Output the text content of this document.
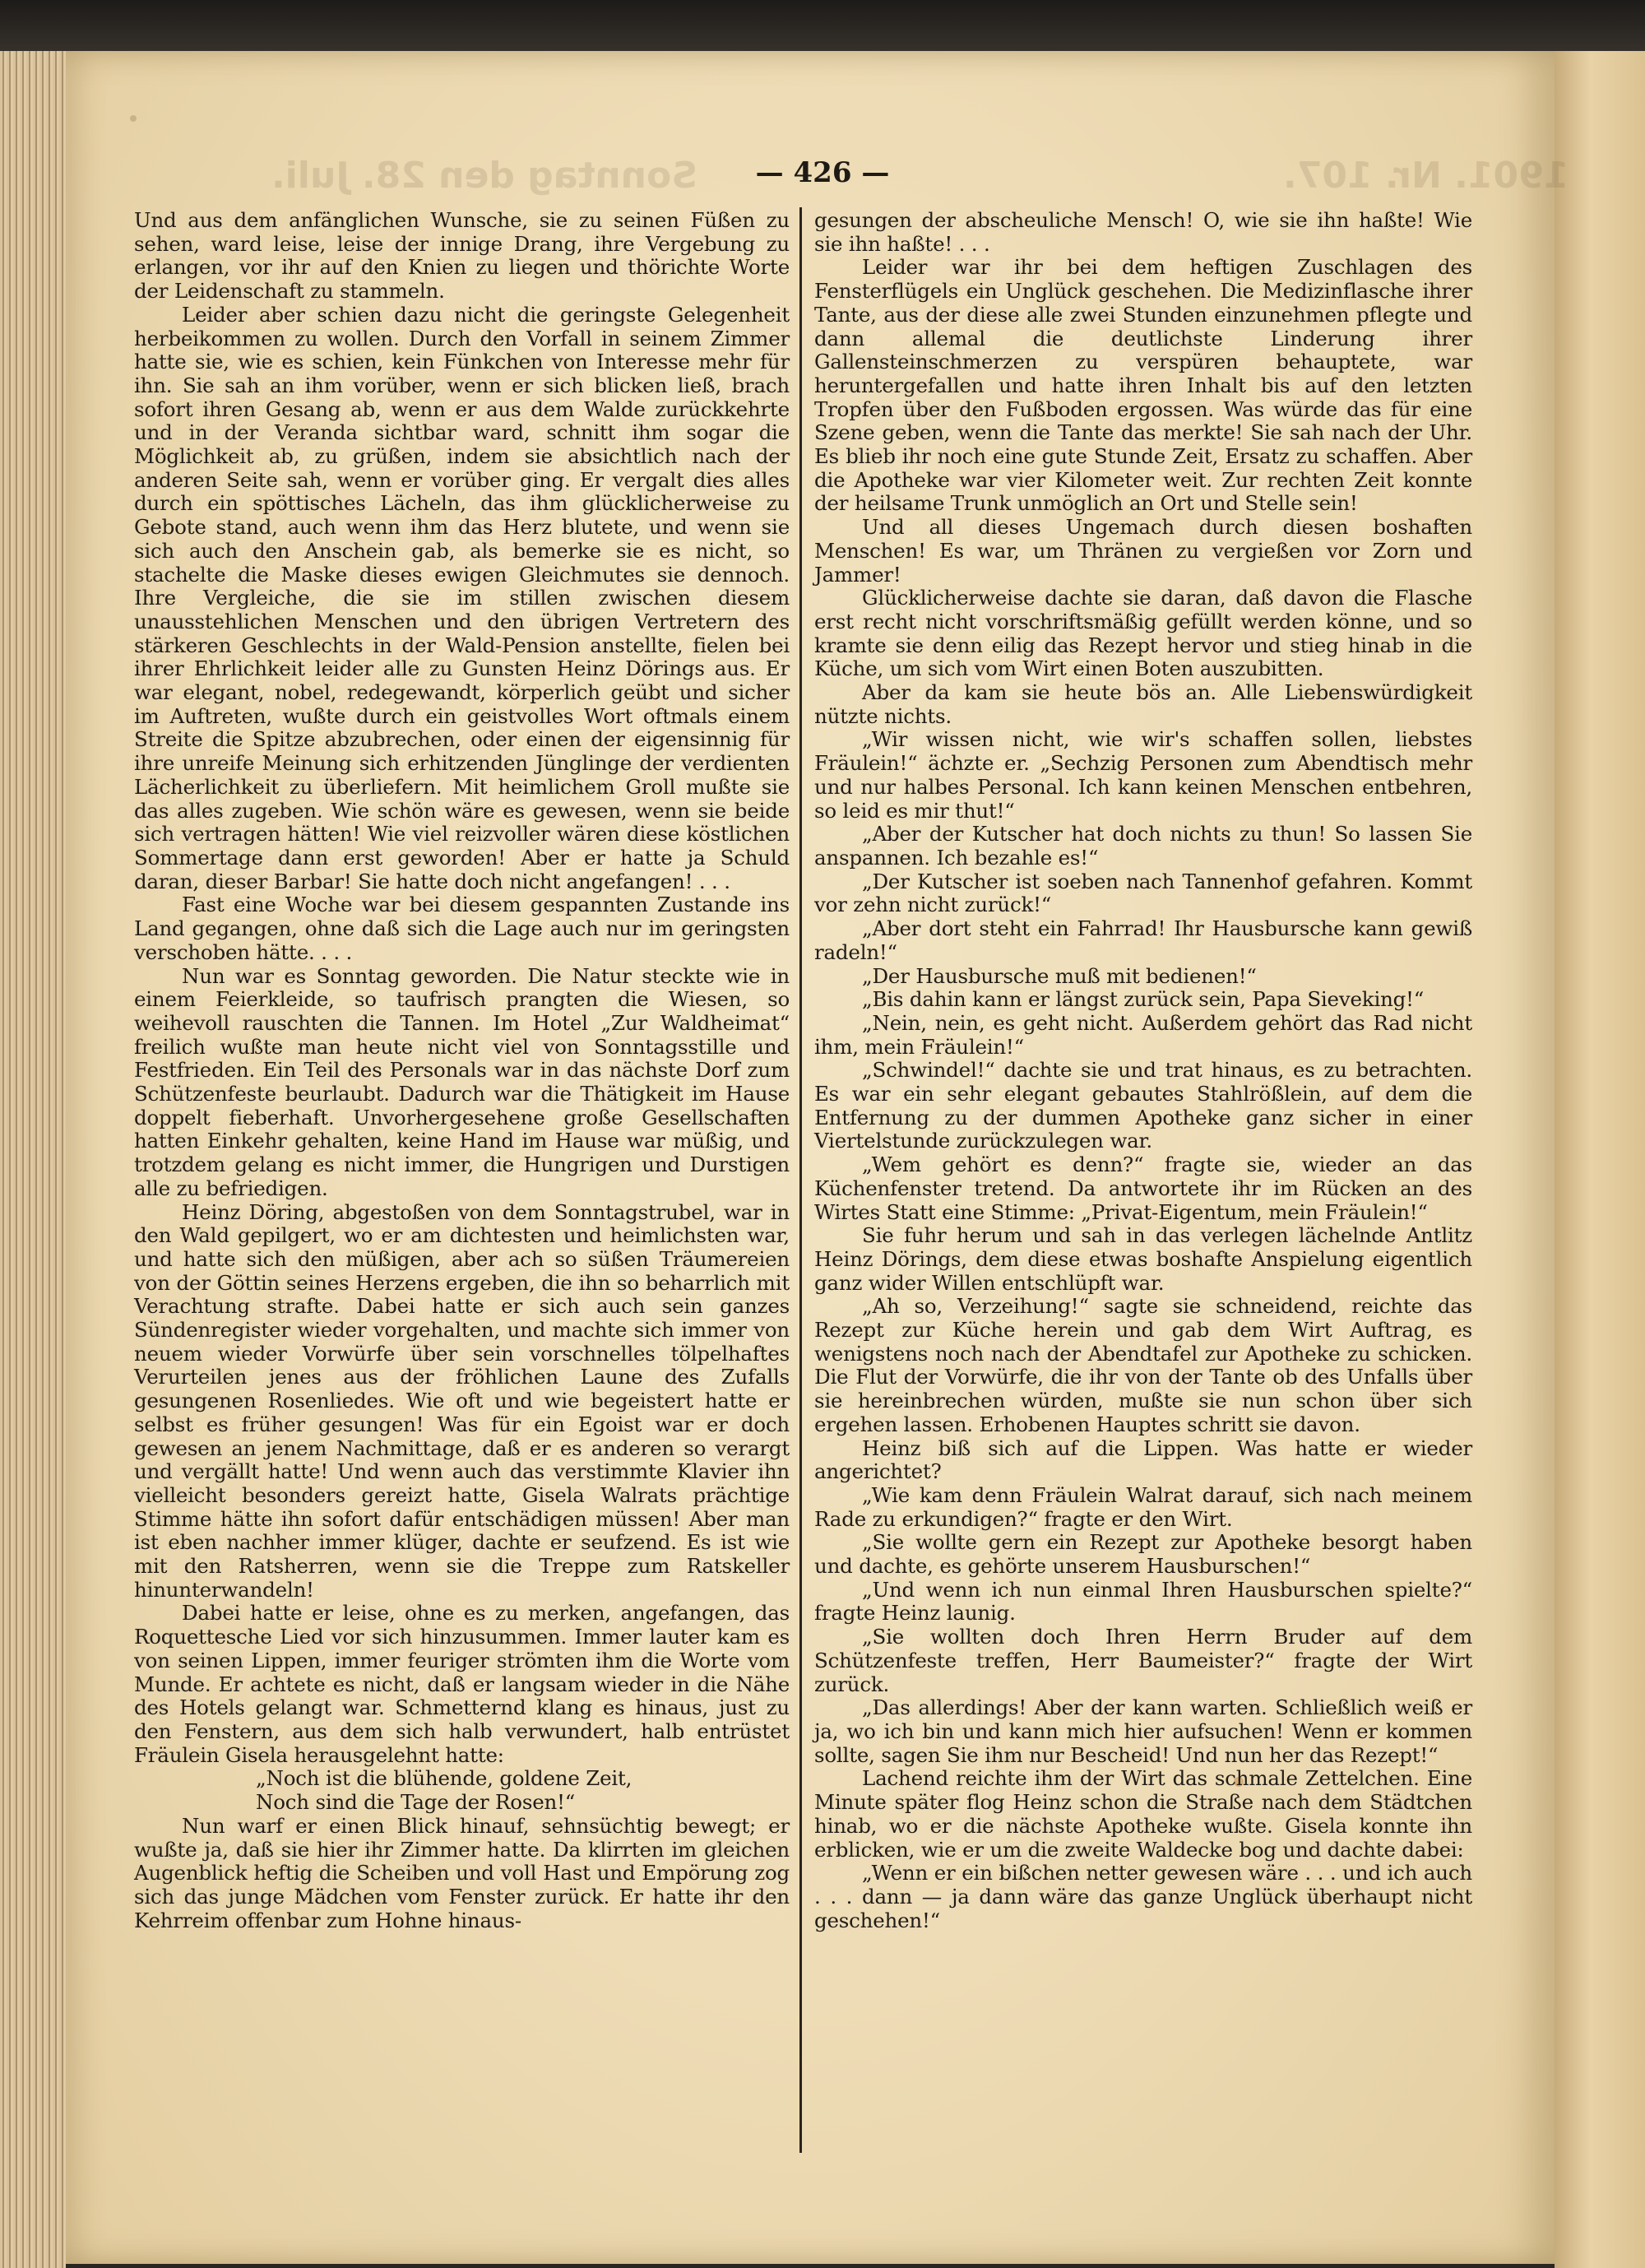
Sonntag den 28. Juli.	1901. Nr. 107.
— 426 —

Und aus dem anfänglichen Wunsche, sie zu seinen Füßen zu sehen, ward leise, leise der innige Drang, ihre Vergebung zu erlangen, vor ihr auf den Knien zu liegen und thörichte Worte der Leidenschaft zu stammeln.

Leider aber schien dazu nicht die geringste Gelegenheit herbeikommen zu wollen. Durch den Vorfall in seinem Zimmer hatte sie, wie es schien, kein Fünkchen von Interesse mehr für ihn. Sie sah an ihm vorüber, wenn er sich blicken ließ, brach sofort ihren Gesang ab, wenn er aus dem Walde zurückkehrte und in der Veranda sichtbar ward, schnitt ihm sogar die Möglichkeit ab, zu grüßen, indem sie absichtlich nach der anderen Seite sah, wenn er vorüber ging. Er vergalt dies alles durch ein spöttisches Lächeln, das ihm glücklicherweise zu Gebote stand, auch wenn ihm das Herz blutete, und wenn sie sich auch den Anschein gab, als bemerke sie es nicht, so stachelte die Maske dieses ewigen Gleichmutes sie dennoch. Ihre Vergleiche, die sie im stillen zwischen diesem unausstehlichen Menschen und den übrigen Vertretern des stärkeren Geschlechts in der Wald-Pension anstellte, fielen bei ihrer Ehrlichkeit leider alle zu Gunsten Heinz Dörings aus. Er war elegant, nobel, redegewandt, körperlich geübt und sicher im Auftreten, wußte durch ein geistvolles Wort oftmals einem Streite die Spitze abzubrechen, oder einen der eigensinnig für ihre unreife Meinung sich erhitzenden Jünglinge der verdienten Lächerlichkeit zu überliefern. Mit heimlichem Groll mußte sie das alles zugeben. Wie schön wäre es gewesen, wenn sie beide sich vertragen hätten! Wie viel reizvoller wären diese köstlichen Sommertage dann erst geworden! Aber er hatte ja Schuld daran, dieser Barbar! Sie hatte doch nicht angefangen! . . .

Fast eine Woche war bei diesem gespannten Zustande ins Land gegangen, ohne daß sich die Lage auch nur im geringsten verschoben hätte. . . .

Nun war es Sonntag geworden. Die Natur steckte wie in einem Feierkleide, so taufrisch prangten die Wiesen, so weihevoll rauschten die Tannen. Im Hotel „Zur Waldheimat“ freilich wußte man heute nicht viel von Sonntagsstille und Festfrieden. Ein Teil des Personals war in das nächste Dorf zum Schützenfeste beurlaubt. Dadurch war die Thätigkeit im Hause doppelt fieberhaft. Unvorhergesehene große Gesellschaften hatten Einkehr gehalten, keine Hand im Hause war müßig, und trotzdem gelang es nicht immer, die Hungrigen und Durstigen alle zu befriedigen.

Heinz Döring, abgestoßen von dem Sonntagstrubel, war in den Wald gepilgert, wo er am dichtesten und heimlichsten war, und hatte sich den müßigen, aber ach so süßen Träumereien von der Göttin seines Herzens ergeben, die ihn so beharrlich mit Verachtung strafte. Dabei hatte er sich auch sein ganzes Sündenregister wieder vorgehalten, und machte sich immer von neuem wieder Vorwürfe über sein vorschnelles tölpelhaftes Verurteilen jenes aus der fröhlichen Laune des Zufalls gesungenen Rosenliedes. Wie oft und wie begeistert hatte er selbst es früher gesungen! Was für ein Egoist war er doch gewesen an jenem Nachmittage, daß er es anderen so verargt und vergällt hatte! Und wenn auch das verstimmte Klavier ihn vielleicht besonders gereizt hatte, Gisela Walrats prächtige Stimme hätte ihn sofort dafür entschädigen müssen! Aber man ist eben nachher immer klüger, dachte er seufzend. Es ist wie mit den Ratsherren, wenn sie die Treppe zum Ratskeller hinunterwandeln!

Dabei hatte er leise, ohne es zu merken, angefangen, das Roquettesche Lied vor sich hinzusummen. Immer lauter kam es von seinen Lippen, immer feuriger strömten ihm die Worte vom Munde. Er achtete es nicht, daß er langsam wieder in die Nähe des Hotels gelangt war. Schmetternd klang es hinaus, just zu den Fenstern, aus dem sich halb verwundert, halb entrüstet Fräulein Gisela herausgelehnt hatte:

„Noch ist die blühende, goldene Zeit,

Noch sind die Tage der Rosen!“

Nun warf er einen Blick hinauf, sehnsüchtig bewegt; er wußte ja, daß sie hier ihr Zimmer hatte. Da klirrten im gleichen Augenblick heftig die Scheiben und voll Hast und Empörung zog sich das junge Mädchen vom Fenster zurück. Er hatte ihr den Kehrreim offenbar zum Hohne hinaus-

gesungen der abscheuliche Mensch! O, wie sie ihn haßte! Wie sie ihn haßte! . . .

Leider war ihr bei dem heftigen Zuschlagen des Fensterflügels ein Unglück geschehen. Die Medizinflasche ihrer Tante, aus der diese alle zwei Stunden einzunehmen pflegte und dann allemal die deutlichste Linderung ihrer Gallensteinschmerzen zu verspüren behauptete, war heruntergefallen und hatte ihren Inhalt bis auf den letzten Tropfen über den Fußboden ergossen. Was würde das für eine Szene geben, wenn die Tante das merkte! Sie sah nach der Uhr. Es blieb ihr noch eine gute Stunde Zeit, Ersatz zu schaffen. Aber die Apotheke war vier Kilometer weit. Zur rechten Zeit konnte der heilsame Trunk unmöglich an Ort und Stelle sein!

Und all dieses Ungemach durch diesen boshaften Menschen! Es war, um Thränen zu vergießen vor Zorn und Jammer!

Glücklicherweise dachte sie daran, daß davon die Flasche erst recht nicht vorschriftsmäßig gefüllt werden könne, und so kramte sie denn eilig das Rezept hervor und stieg hinab in die Küche, um sich vom Wirt einen Boten auszubitten.

Aber da kam sie heute bös an. Alle Liebenswürdigkeit nützte nichts.

„Wir wissen nicht, wie wir's schaffen sollen, liebstes Fräulein!“ ächzte er. „Sechzig Personen zum Abendtisch mehr und nur halbes Personal. Ich kann keinen Menschen entbehren, so leid es mir thut!“

„Aber der Kutscher hat doch nichts zu thun! So lassen Sie anspannen. Ich bezahle es!“

„Der Kutscher ist soeben nach Tannenhof gefahren. Kommt vor zehn nicht zurück!“

„Aber dort steht ein Fahrrad! Ihr Hausbursche kann gewiß radeln!“

„Der Hausbursche muß mit bedienen!“

„Bis dahin kann er längst zurück sein, Papa Sieveking!“

„Nein, nein, es geht nicht. Außerdem gehört das Rad nicht ihm, mein Fräulein!“

„Schwindel!“ dachte sie und trat hinaus, es zu betrachten. Es war ein sehr elegant gebautes Stahlrößlein, auf dem die Entfernung zu der dummen Apotheke ganz sicher in einer Viertelstunde zurückzulegen war.

„Wem gehört es denn?“ fragte sie, wieder an das Küchenfenster tretend. Da antwortete ihr im Rücken an des Wirtes Statt eine Stimme: „Privat-Eigentum, mein Fräulein!“

Sie fuhr herum und sah in das verlegen lächelnde Antlitz Heinz Dörings, dem diese etwas boshafte Anspielung eigentlich ganz wider Willen entschlüpft war.

„Ah so, Verzeihung!“ sagte sie schneidend, reichte das Rezept zur Küche herein und gab dem Wirt Auftrag, es wenigstens noch nach der Abendtafel zur Apotheke zu schicken. Die Flut der Vorwürfe, die ihr von der Tante ob des Unfalls über sie hereinbrechen würden, mußte sie nun schon über sich ergehen lassen. Erhobenen Hauptes schritt sie davon.

Heinz biß sich auf die Lippen. Was hatte er wieder angerichtet?

„Wie kam denn Fräulein Walrat darauf, sich nach meinem Rade zu erkundigen?“ fragte er den Wirt.

„Sie wollte gern ein Rezept zur Apotheke besorgt haben und dachte, es gehörte unserem Hausburschen!“

„Und wenn ich nun einmal Ihren Hausburschen spielte?“ fragte Heinz launig.

„Sie wollten doch Ihren Herrn Bruder auf dem Schützenfeste treffen, Herr Baumeister?“ fragte der Wirt zurück.

„Das allerdings! Aber der kann warten. Schließlich weiß er ja, wo ich bin und kann mich hier aufsuchen! Wenn er kommen sollte, sagen Sie ihm nur Bescheid! Und nun her das Rezept!“

Lachend reichte ihm der Wirt das schmale Zettelchen. Eine Minute später flog Heinz schon die Straße nach dem Städtchen hinab, wo er die nächste Apotheke wußte. Gisela konnte ihn erblicken, wie er um die zweite Waldecke bog und dachte dabei:

„Wenn er ein bißchen netter gewesen wäre . . . und ich auch . . . dann — ja dann wäre das ganze Unglück überhaupt nicht geschehen!“
